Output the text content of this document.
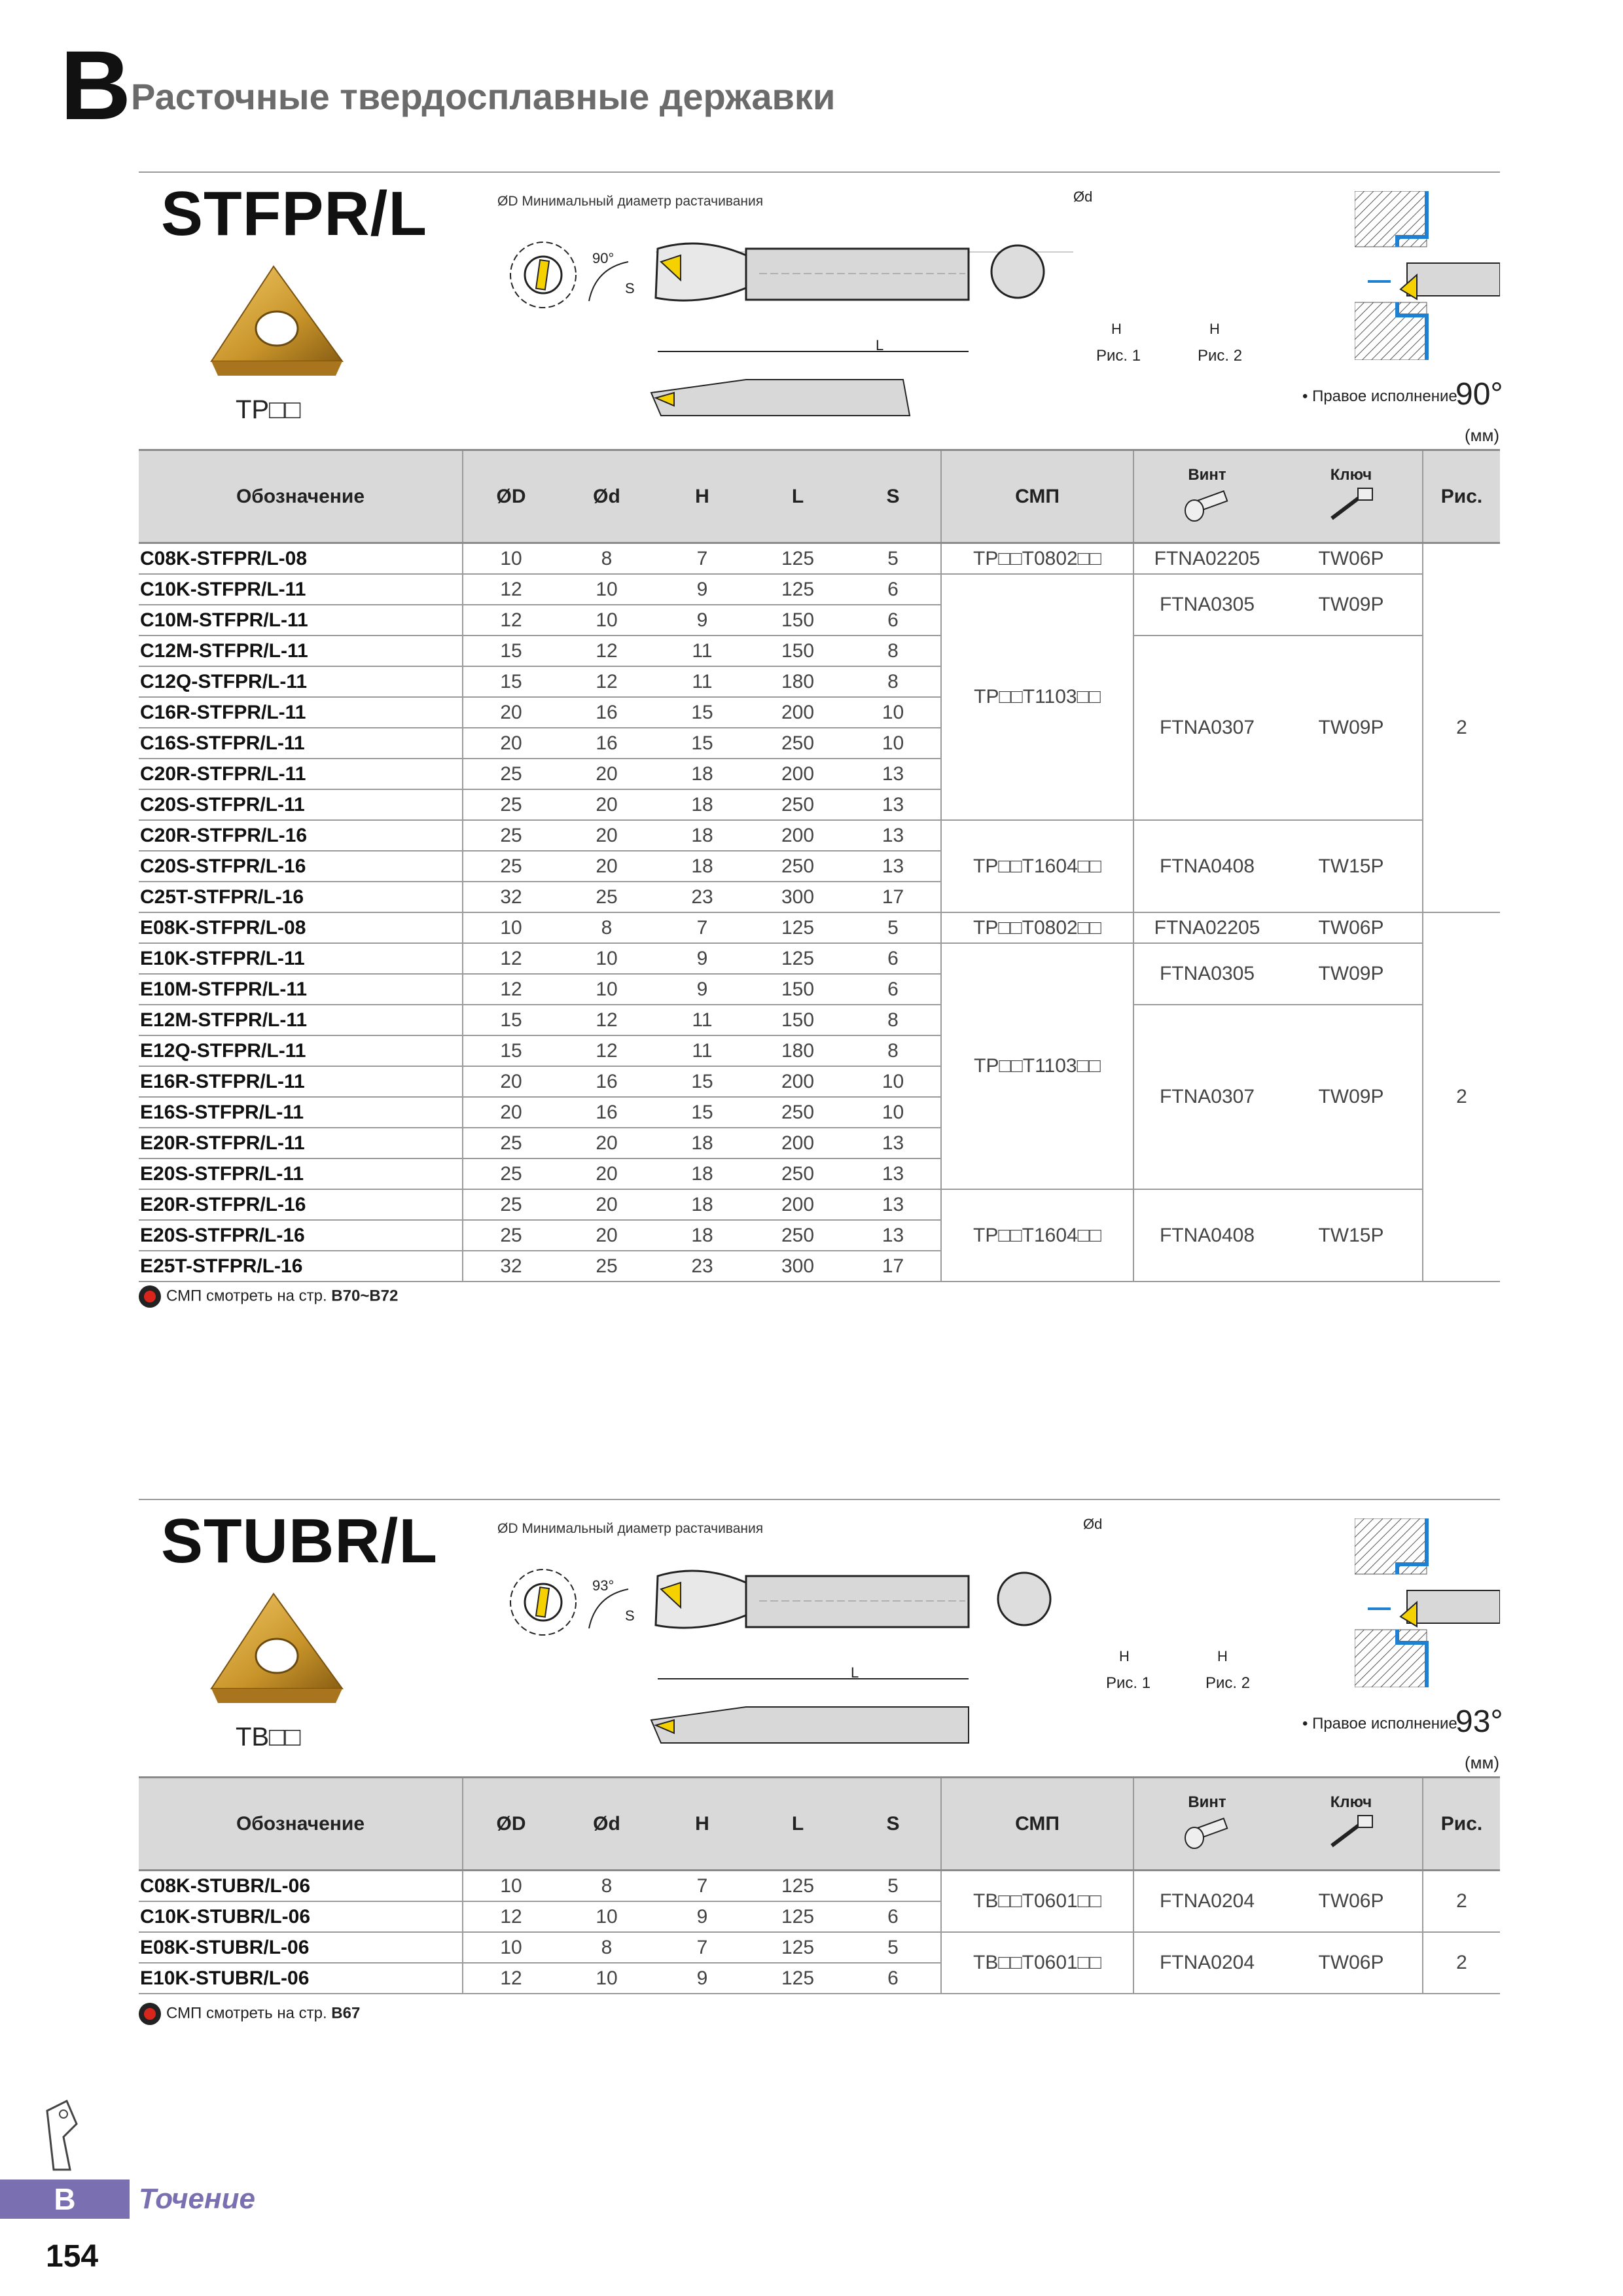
B Расточные твердосплавные державки
STFPR/L
TP□□
ØD Минимальный диаметр растачивания
90°
S
L
Ød
H	H
Рис. 1	Рис. 2
• Правое исполнение
90°
(мм)
Обозначение	ØD	Ød	H	L	S	СМП	Винт	Ключ	Рис.
C08K-STFPR/L-08	10	8	7	125	5	TP□□T0802□□	FTNA02205	TW06P	2
C10K-STFPR/L-11	12	10	9	125	6	TP□□T1103□□	FTNA0305	TW09P	
C10M-STFPR/L-11	12	10	9	150	6				
C12M-STFPR/L-11	15	12	11	150	8		FTNA0307	TW09P	
C12Q-STFPR/L-11	15	12	11	180	8				
C16R-STFPR/L-11	20	16	15	200	10				
C16S-STFPR/L-11	20	16	15	250	10				
C20R-STFPR/L-11	25	20	18	200	13				
C20S-STFPR/L-11	25	20	18	250	13				
C20R-STFPR/L-16	25	20	18	200	13	TP□□T1604□□	FTNA0408	TW15P	
C20S-STFPR/L-16	25	20	18	250	13				
C25T-STFPR/L-16	32	25	23	300	17				
E08K-STFPR/L-08	10	8	7	125	5	TP□□T0802□□	FTNA02205	TW06P	2
E10K-STFPR/L-11	12	10	9	125	6	TP□□T1103□□	FTNA0305	TW09P	
E10M-STFPR/L-11	12	10	9	150	6				
E12M-STFPR/L-11	15	12	11	150	8		FTNA0307	TW09P	
E12Q-STFPR/L-11	15	12	11	180	8				
E16R-STFPR/L-11	20	16	15	200	10				
E16S-STFPR/L-11	20	16	15	250	10				
E20R-STFPR/L-11	25	20	18	200	13				
E20S-STFPR/L-11	25	20	18	250	13				
E20R-STFPR/L-16	25	20	18	200	13	TP□□T1604□□	FTNA0408	TW15P	
E20S-STFPR/L-16	25	20	18	250	13				
E25T-STFPR/L-16	32	25	23	300	17				
СМП смотреть на стр. B70~B72
STUBR/L
TB□□
ØD Минимальный диаметр растачивания
93°
S
L
Ød
H	H
Рис. 1	Рис. 2
• Правое исполнение
93°
(мм)
Обозначение	ØD	Ød	H	L	S	СМП	Винт	Ключ	Рис.
C08K-STUBR/L-06	10	8	7	125	5	TB□□T0601□□	FTNA0204	TW06P	2
C10K-STUBR/L-06	12	10	9	125	6				
E08K-STUBR/L-06	10	8	7	125	5	TB□□T0601□□	FTNA0204	TW06P	2
E10K-STUBR/L-06	12	10	9	125	6				
СМП смотреть на стр. B67
B	Точение
154
